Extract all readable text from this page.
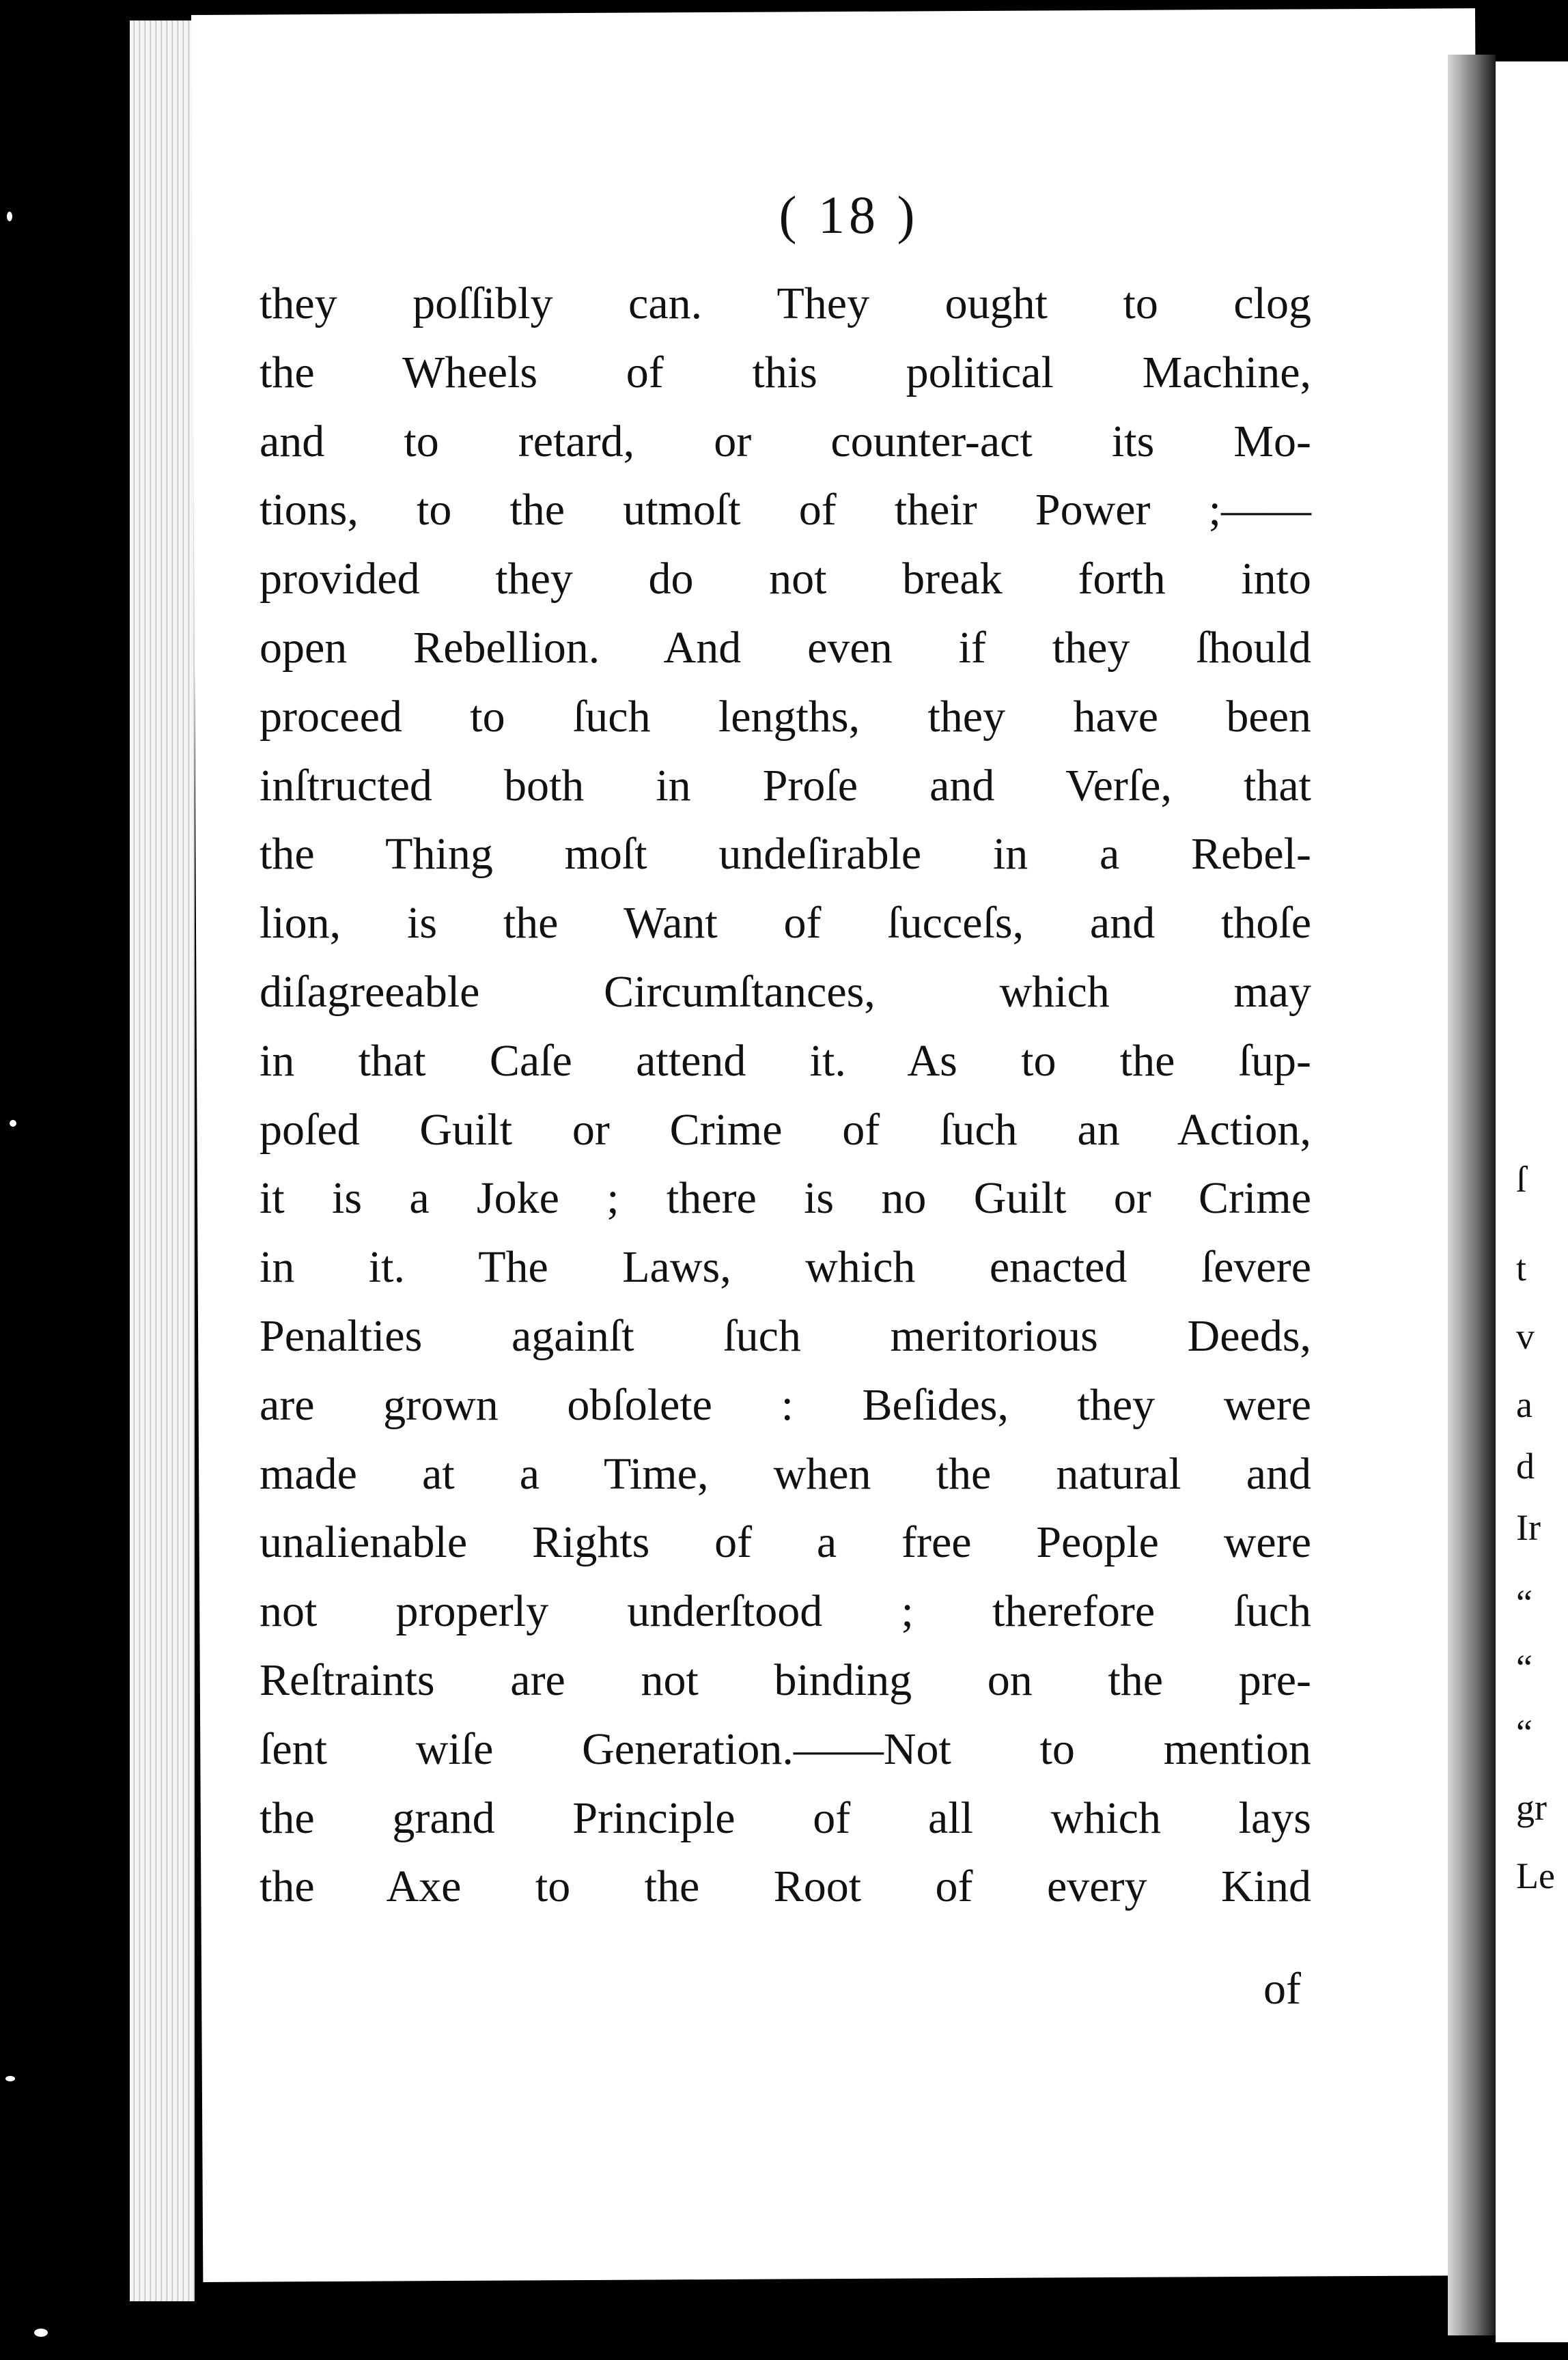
( 18 )
they poſſibly can. They ought to clog
the Wheels of this political Machine,
and to retard, or counter-act its Mo-
tions, to the utmoſt of their Power ;——
provided they do not break forth into
open Rebellion. And even if they ſhould
proceed to ſuch lengths, they have been
inſtructed both in Proſe and Verſe, that
the Thing moſt undeſirable in a Rebel-
lion, is the Want of ſucceſs, and thoſe
diſagreeable Circumſtances, which may
in that Caſe attend it. As to the ſup-
poſed Guilt or Crime of ſuch an Action,
it is a Joke ; there is no Guilt or Crime
in it. The Laws, which enacted ſevere
Penalties againſt ſuch meritorious Deeds,
are grown obſolete : Beſides, they were
made at a Time, when the natural and
unalienable Rights of a free People were
not properly underſtood ; therefore ſuch
Reſtraints are not binding on the pre-
ſent wiſe Generation.——Not to mention
the grand Principle of all which lays
the Axe to the Root of every Kind
of
ſ
t
v
a
d
Ir
“
“
“
gr
Le
